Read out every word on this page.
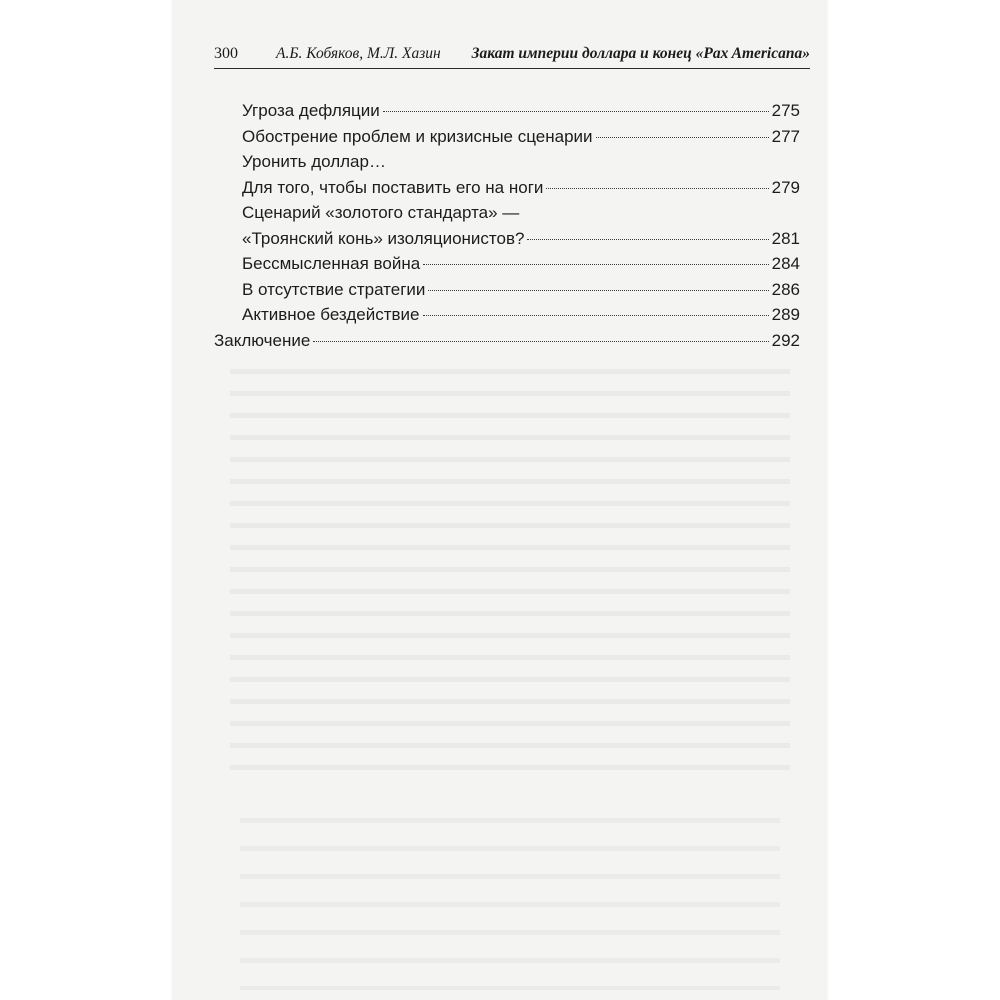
300 А.Б. Кобяков, М.Л. Хазин Закат империи доллара и конец «Pax Americana»
Угроза дефляции	275
Обострение проблем и кризисные сценарии	277
Уронить доллар…
Для того, чтобы поставить его на ноги	279
Сценарий «золотого стандарта» —
«Троянский конь» изоляционистов?	281
Бессмысленная война	284
В отсутствие стратегии	286
Активное бездействие	289
Заключение	292
